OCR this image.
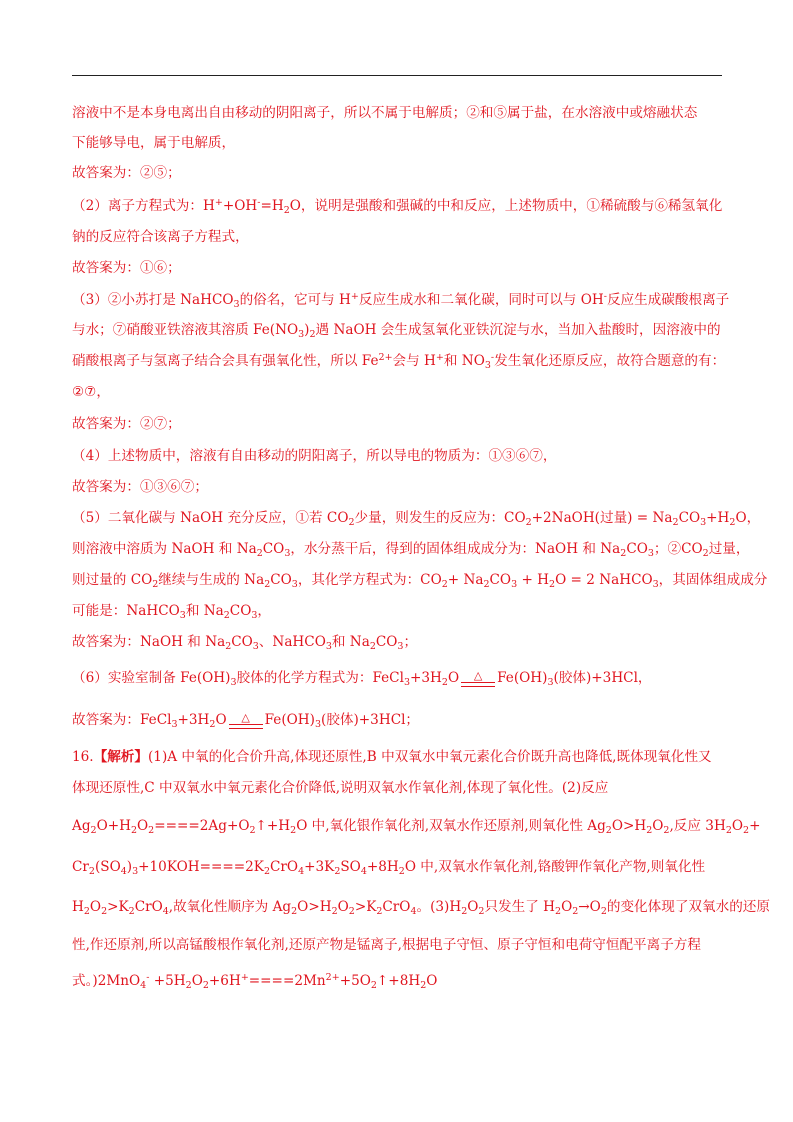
溶液中不是本身电离出自由移动的阴阳离子，所以不属于电解质；②和⑤属于盐，在水溶液中或熔融状态
下能够导电，属于电解质，
故答案为：②⑤；
（2）离子方程式为：$H^++OH^-=H_2O$，说明是强酸和强碱的中和反应，上述物质中，①稀硫酸与⑥稀氢氧化
钠的反应符合该离子方程式，
故答案为：①⑥；
（3）②小苏打是 NaHCO$_3$的俗名，它可与 H+反应生成水和二氧化碳，同时可以与 OH-反应生成碳酸根离子
与水；⑦硝酸亚铁溶液其溶质 $Fe(NO_3)_2$遇 NaOH 会生成氢氧化亚铁沉淀与水，当加入盐酸时，因溶液中的
硝酸根离子与氢离子结合会具有强氧化性，所以 $Fe^{2+}$会与 H+和 $NO_3^-$发生氧化还原反应，故符合题意的有：
②⑦，
故答案为：②⑦；
（4）上述物质中，溶液有自由移动的阴阳离子，所以导电的物质为：①③⑥⑦，
故答案为：①③⑥⑦；
（5）二氧化碳与 NaOH 充分反应，①若 $CO_2$少量，则发生的反应为：$CO_2+2NaOH$(过量) = $Na_2CO_3+H_2O$，
则溶液中溶质为 NaOH 和 $Na_2CO_3$，水分蒸干后，得到的固体组成成分为：NaOH 和 $Na_2CO_3$；$②CO_2$过量，
则过量的 $CO_2$继续与生成的 $Na_2CO_3$，其化学方程式为：$CO_2+ Na_2CO_3 + H_2O = 2$ NaHCO$_3$，其固体组成成分
可能是：NaHCO$_3$和 $Na_2CO_3$，
故答案为：NaOH 和 $Na_2CO_3$、NaHCO$_3$和 $Na_2CO_3$；
（6）实验室制备 $Fe(OH)_3$胶体的化学方程式为：$FeCl_3+3H_2O$ △ $Fe(OH)_3$(胶体)+3HCl，
故答案为：$FeCl_3+3H_2O$ △ $Fe(OH)_3$(胶体)+3HCl；
16.【解析】(1)A 中氧的化合价升高,体现还原性,B 中双氧水中氧元素化合价既升高也降低,既体现氧化性又
体现还原性,C 中双氧水中氧元素化合价降低,说明双氧水作氧化剂,体现了氧化性。(2)反应
$Ag_2O+H_2O_2====2Ag+O_2↑+H_2O$ 中,氧化银作氧化剂,双氧水作还原剂,则氧化性 $Ag_2O>H_2O_2$,反应 $3H_2O_2+$
$Cr_2(SO_4)_3+10KOH====2K_2CrO_4+3K_2SO_4+8H_2O$ 中,双氧水作氧化剂,铬酸钾作氧化产物,则氧化性
$H_2O_2>K_2CrO_4$,故氧化性顺序为 $Ag_2O>H_2O_2>K_2CrO_4$。$(3)H_2O_2$只发生了 $H_2O_2\to O_2$的变化体现了双氧水的还原
性,作还原剂,所以高锰酸根作氧化剂,还原产物是锰离子,根据电子守恒、原子守恒和电荷守恒配平离子方程
式。)$2MnO_4^- +5H_2O_2+6H^+====2Mn^{2+}+5O_2↑+8H_2O$
